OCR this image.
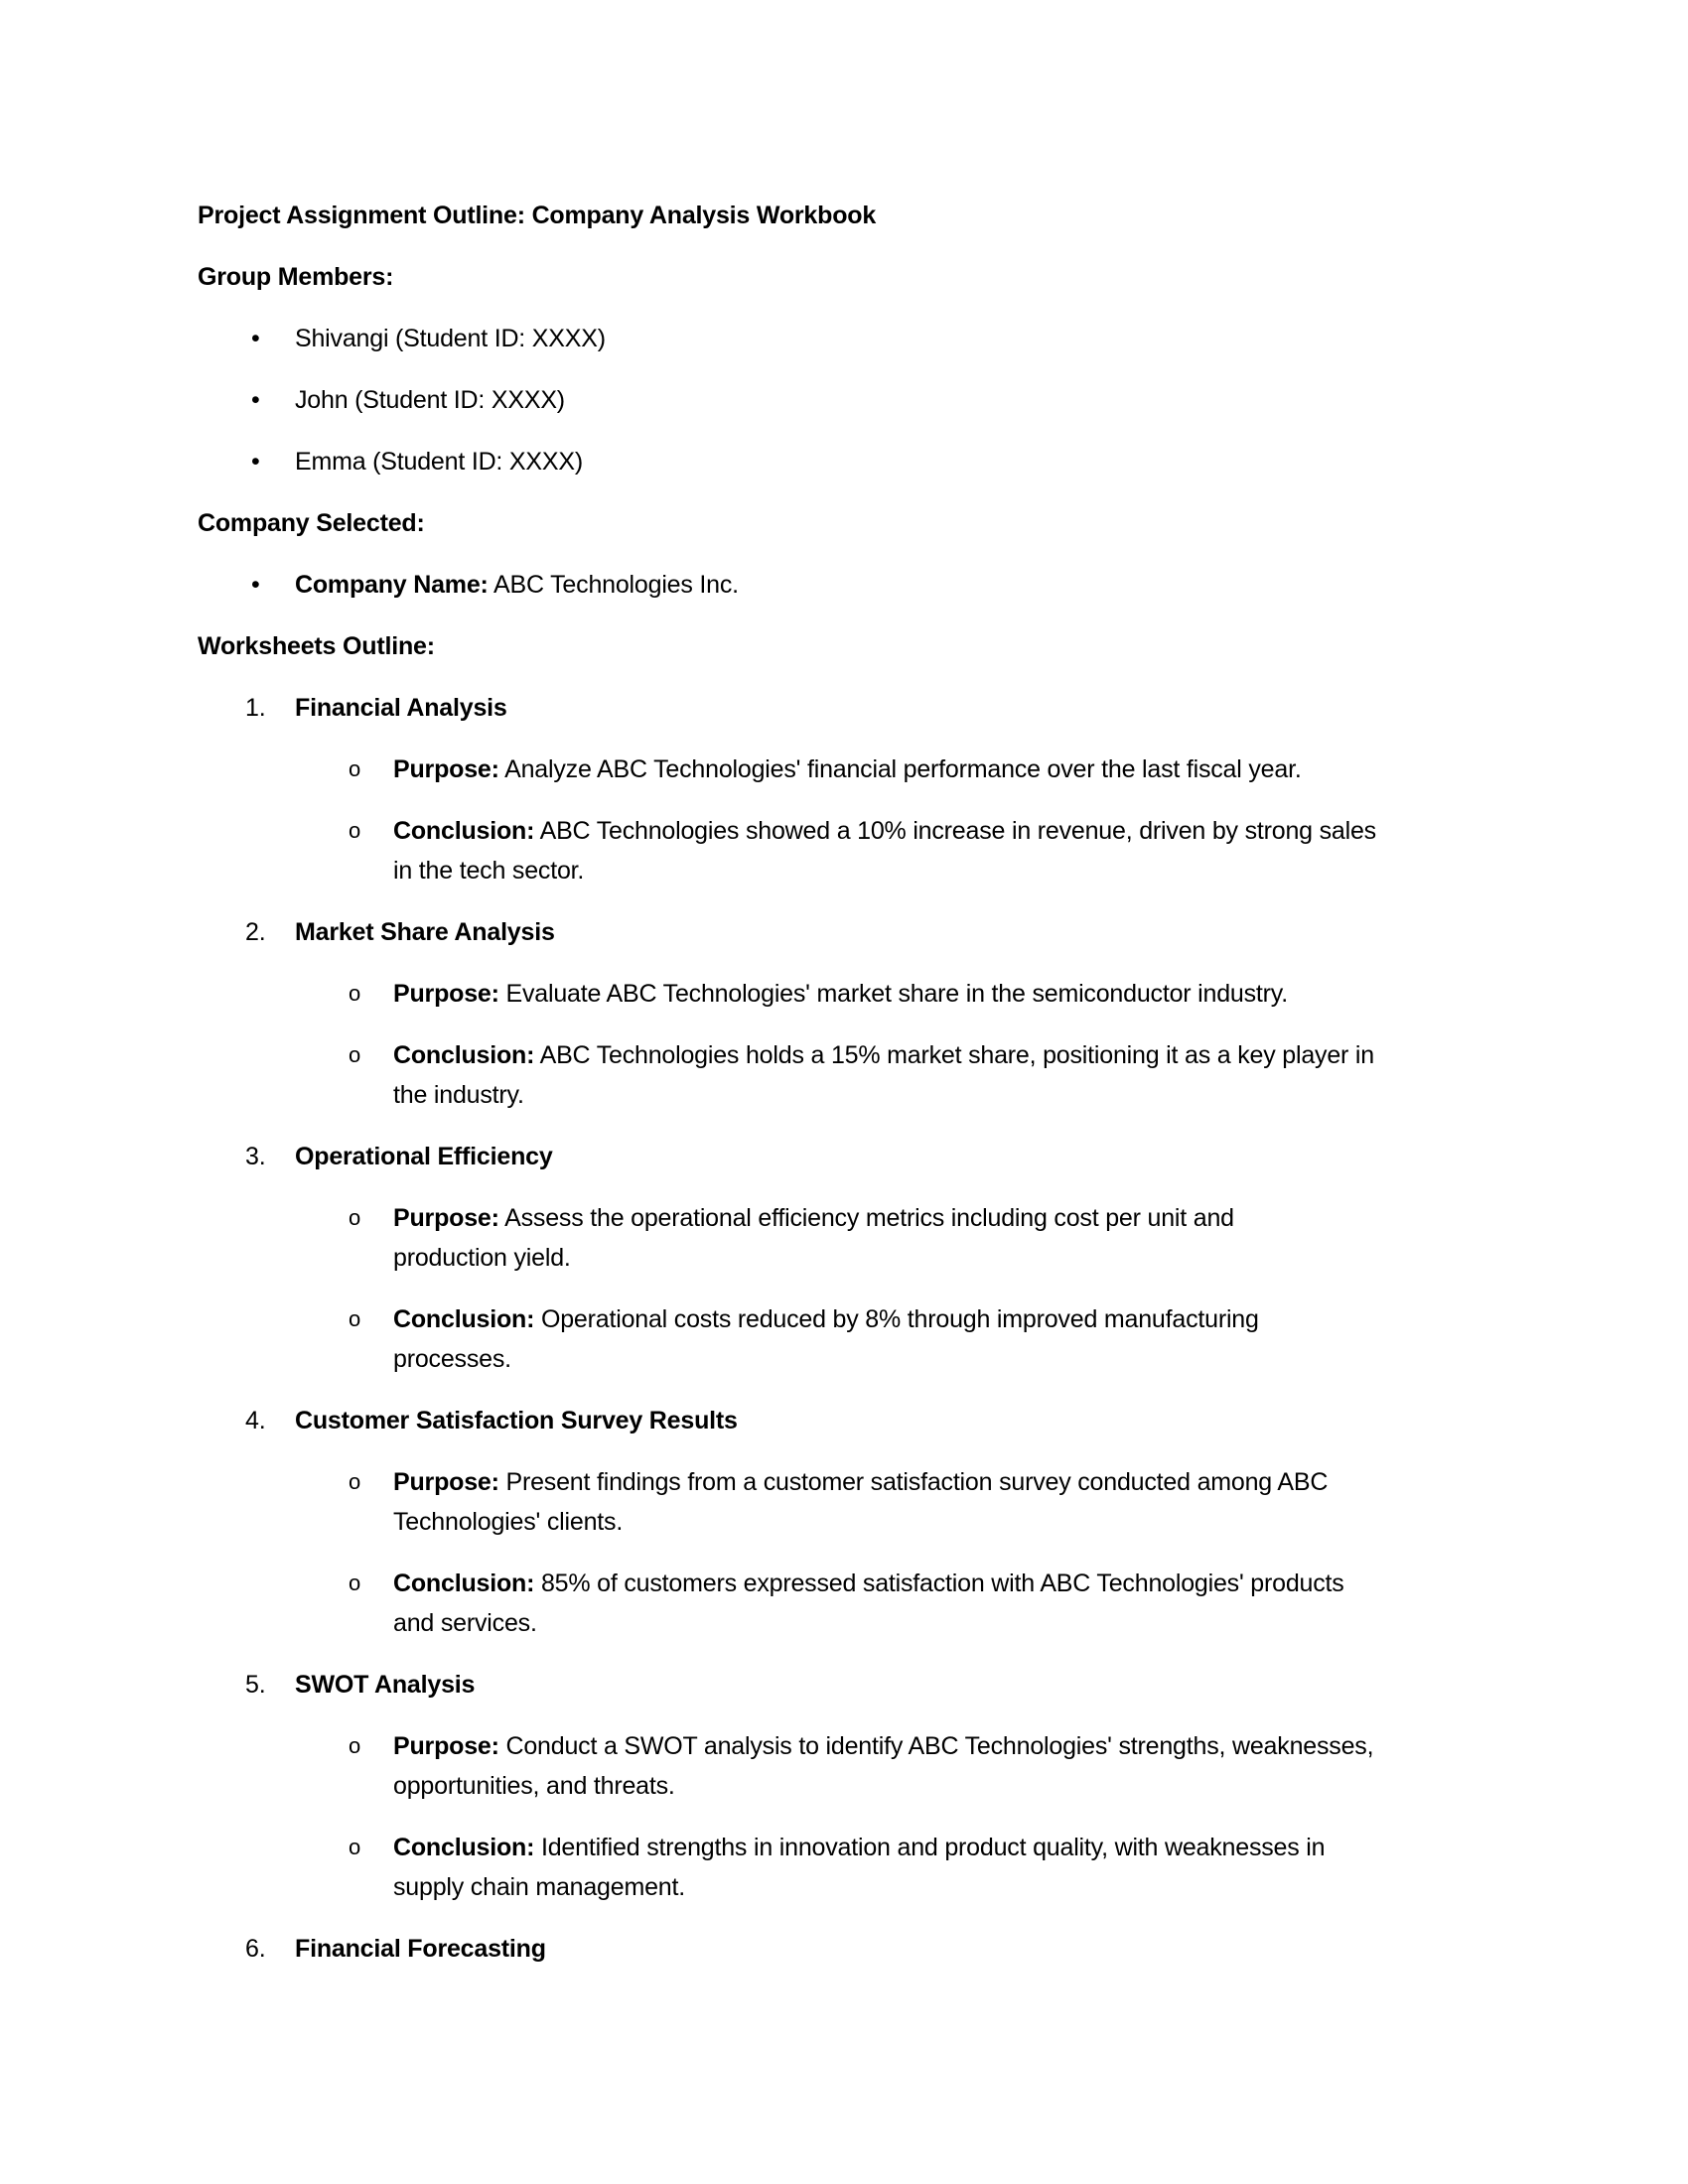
Project Assignment Outline: Company Analysis Workbook

Group Members:

• Shivangi (Student ID: XXXX)
• John (Student ID: XXXX)
• Emma (Student ID: XXXX)

Company Selected:

• Company Name: ABC Technologies Inc.

Worksheets Outline:

1. Financial Analysis
o Purpose: Analyze ABC Technologies' financial performance over the last fiscal year.
o Conclusion: ABC Technologies showed a 10% increase in revenue, driven by strong sales
in the tech sector.
2. Market Share Analysis
o Purpose: Evaluate ABC Technologies' market share in the semiconductor industry.
o Conclusion: ABC Technologies holds a 15% market share, positioning it as a key player in
the industry.
3. Operational Efficiency
o Purpose: Assess the operational efficiency metrics including cost per unit and
production yield.
o Conclusion: Operational costs reduced by 8% through improved manufacturing
processes.
4. Customer Satisfaction Survey Results
o Purpose: Present findings from a customer satisfaction survey conducted among ABC
Technologies' clients.
o Conclusion: 85% of customers expressed satisfaction with ABC Technologies' products
and services.
5. SWOT Analysis
o Purpose: Conduct a SWOT analysis to identify ABC Technologies' strengths, weaknesses,
opportunities, and threats.
o Conclusion: Identified strengths in innovation and product quality, with weaknesses in
supply chain management.
6. Financial Forecasting
